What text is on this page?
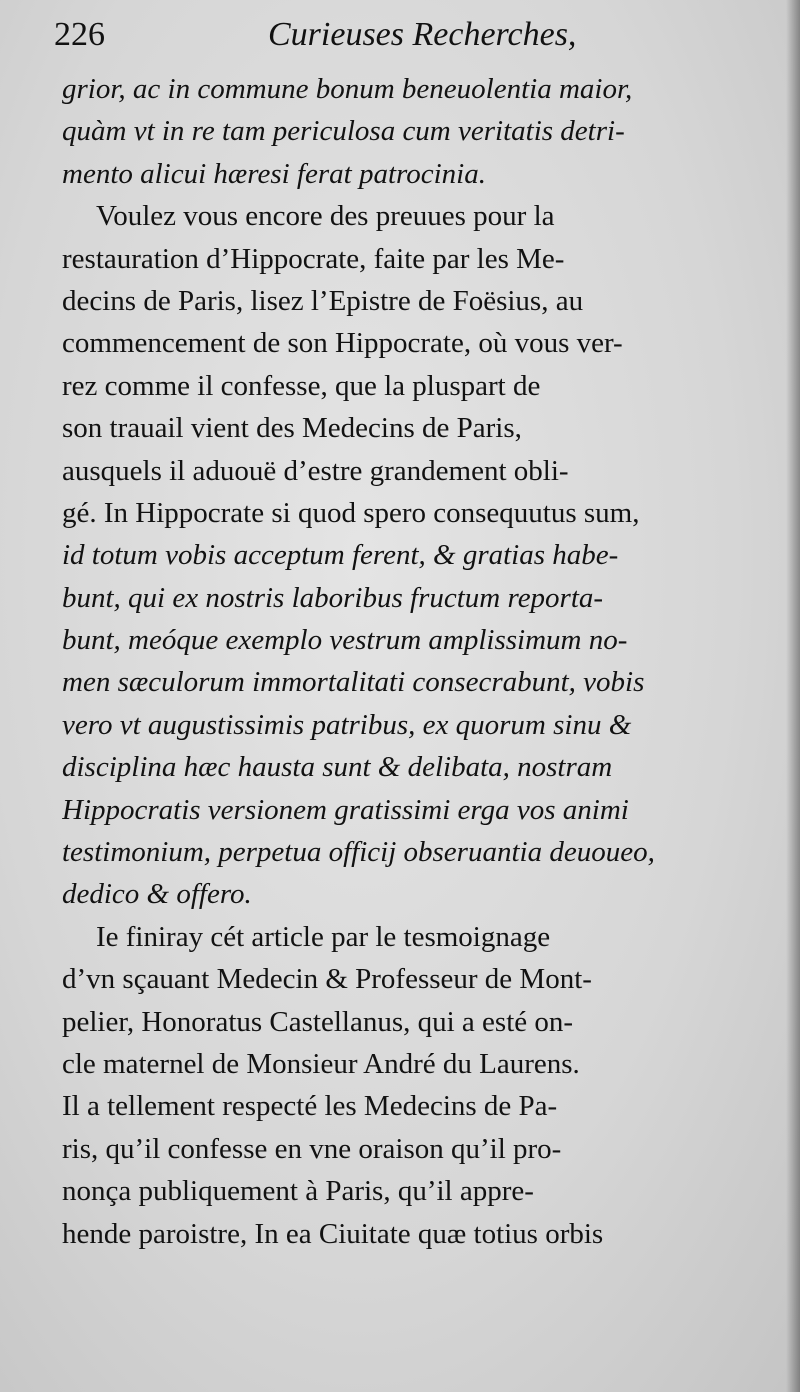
226	Curieuses Recherches,
grior, ac in commune bonum beneuolentia maior,
quàm vt in re tam periculosa cum veritatis detri-
mento alicui hæresi ferat patrocinia.
Voulez vous encore des preuues pour la
restauration d’Hippocrate, faite par les Me-
decins de Paris, lisez l’Epistre de Foësius, au
commencement de son Hippocrate, où vous ver-
rez comme il confesse, que la pluspart de
son trauail vient des Medecins de Paris,
ausquels il aduouë d’estre grandement obli-
gé. In Hippocrate si quod spero consequutus sum,
id totum vobis acceptum ferent, & gratias habe-
bunt, qui ex nostris laboribus fructum reporta-
bunt, meóque exemplo vestrum amplissimum no-
men sæculorum immortalitati consecrabunt, vobis
vero vt augustissimis patribus, ex quorum sinu &
disciplina hæc hausta sunt & delibata, nostram
Hippocratis versionem gratissimi erga vos animi
testimonium, perpetua officij obseruantia deuoueo,
dedico & offero.
Ie finiray cét article par le tesmoignage
d’vn sçauant Medecin & Professeur de Mont-
pelier, Honoratus Castellanus, qui a esté on-
cle maternel de Monsieur André du Laurens.
Il a tellement respecté les Medecins de Pa-
ris, qu’il confesse en vne oraison qu’il pro-
nonça publiquement à Paris, qu’il appre-
hende paroistre, In ea Ciuitate quæ totius orbis
